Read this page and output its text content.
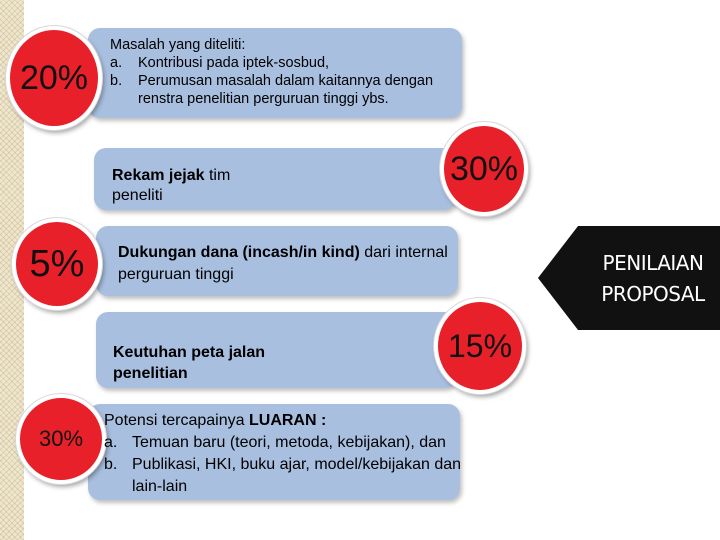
20%
Masalah yang diteliti:
a. Kontribusi pada iptek-sosbud,
b. Perumusan masalah dalam kaitannya dengan renstra penelitian perguruan tinggi ybs.
30%
Rekam jejak tim peneliti
5% Dukungan dana (incash/in kind) dari internal perguruan tinggi
15%
Keutuhan peta jalan penelitian
30%
Potensi tercapainya LUARAN :
a. Temuan baru (teori, metoda, kebijakan), dan
b. Publikasi, HKI, buku ajar, model/kebijakan dan lain-lain
PENILAIAN
PROPOSAL
